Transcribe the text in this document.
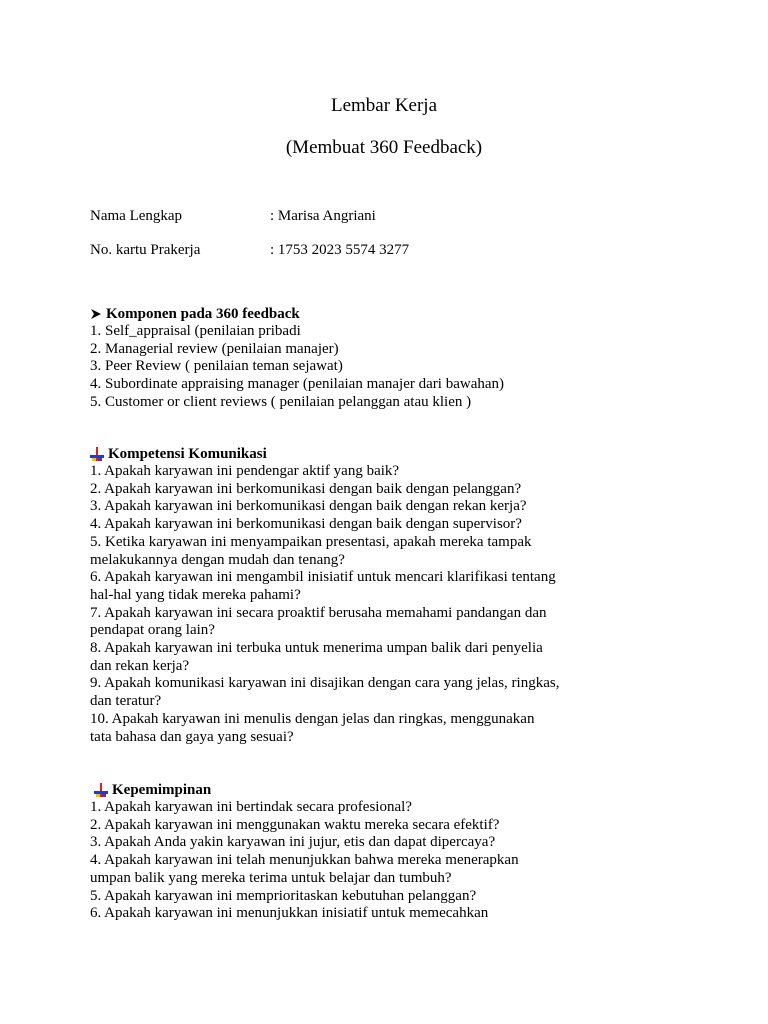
Lembar Kerja
(Membuat 360 Feedback)
Nama Lengkap	: Marisa Angriani
No. kartu Prakerja	: 1753 2023 5574 3277
Komponen pada 360 feedback
1. Self_appraisal (penilaian pribadi
2. Managerial review (penilaian manajer)
3. Peer Review ( penilaian teman sejawat)
4. Subordinate appraising manager (penilaian manajer dari bawahan)
5. Customer or client reviews ( penilaian pelanggan atau klien )
Kompetensi Komunikasi
1. Apakah karyawan ini pendengar aktif yang baik?
2. Apakah karyawan ini berkomunikasi dengan baik dengan pelanggan?
3. Apakah karyawan ini berkomunikasi dengan baik dengan rekan kerja?
4. Apakah karyawan ini berkomunikasi dengan baik dengan supervisor?
5. Ketika karyawan ini menyampaikan presentasi, apakah mereka tampak
melakukannya dengan mudah dan tenang?
6. Apakah karyawan ini mengambil inisiatif untuk mencari klarifikasi tentang
hal-hal yang tidak mereka pahami?
7. Apakah karyawan ini secara proaktif berusaha memahami pandangan dan
pendapat orang lain?
8. Apakah karyawan ini terbuka untuk menerima umpan balik dari penyelia
dan rekan kerja?
9. Apakah komunikasi karyawan ini disajikan dengan cara yang jelas, ringkas,
dan teratur?
10. Apakah karyawan ini menulis dengan jelas dan ringkas, menggunakan
tata bahasa dan gaya yang sesuai?
Kepemimpinan
1. Apakah karyawan ini bertindak secara profesional?
2. Apakah karyawan ini menggunakan waktu mereka secara efektif?
3. Apakah Anda yakin karyawan ini jujur, etis dan dapat dipercaya?
4. Apakah karyawan ini telah menunjukkan bahwa mereka menerapkan
umpan balik yang mereka terima untuk belajar dan tumbuh?
5. Apakah karyawan ini memprioritaskan kebutuhan pelanggan?
6. Apakah karyawan ini menunjukkan inisiatif untuk memecahkan
